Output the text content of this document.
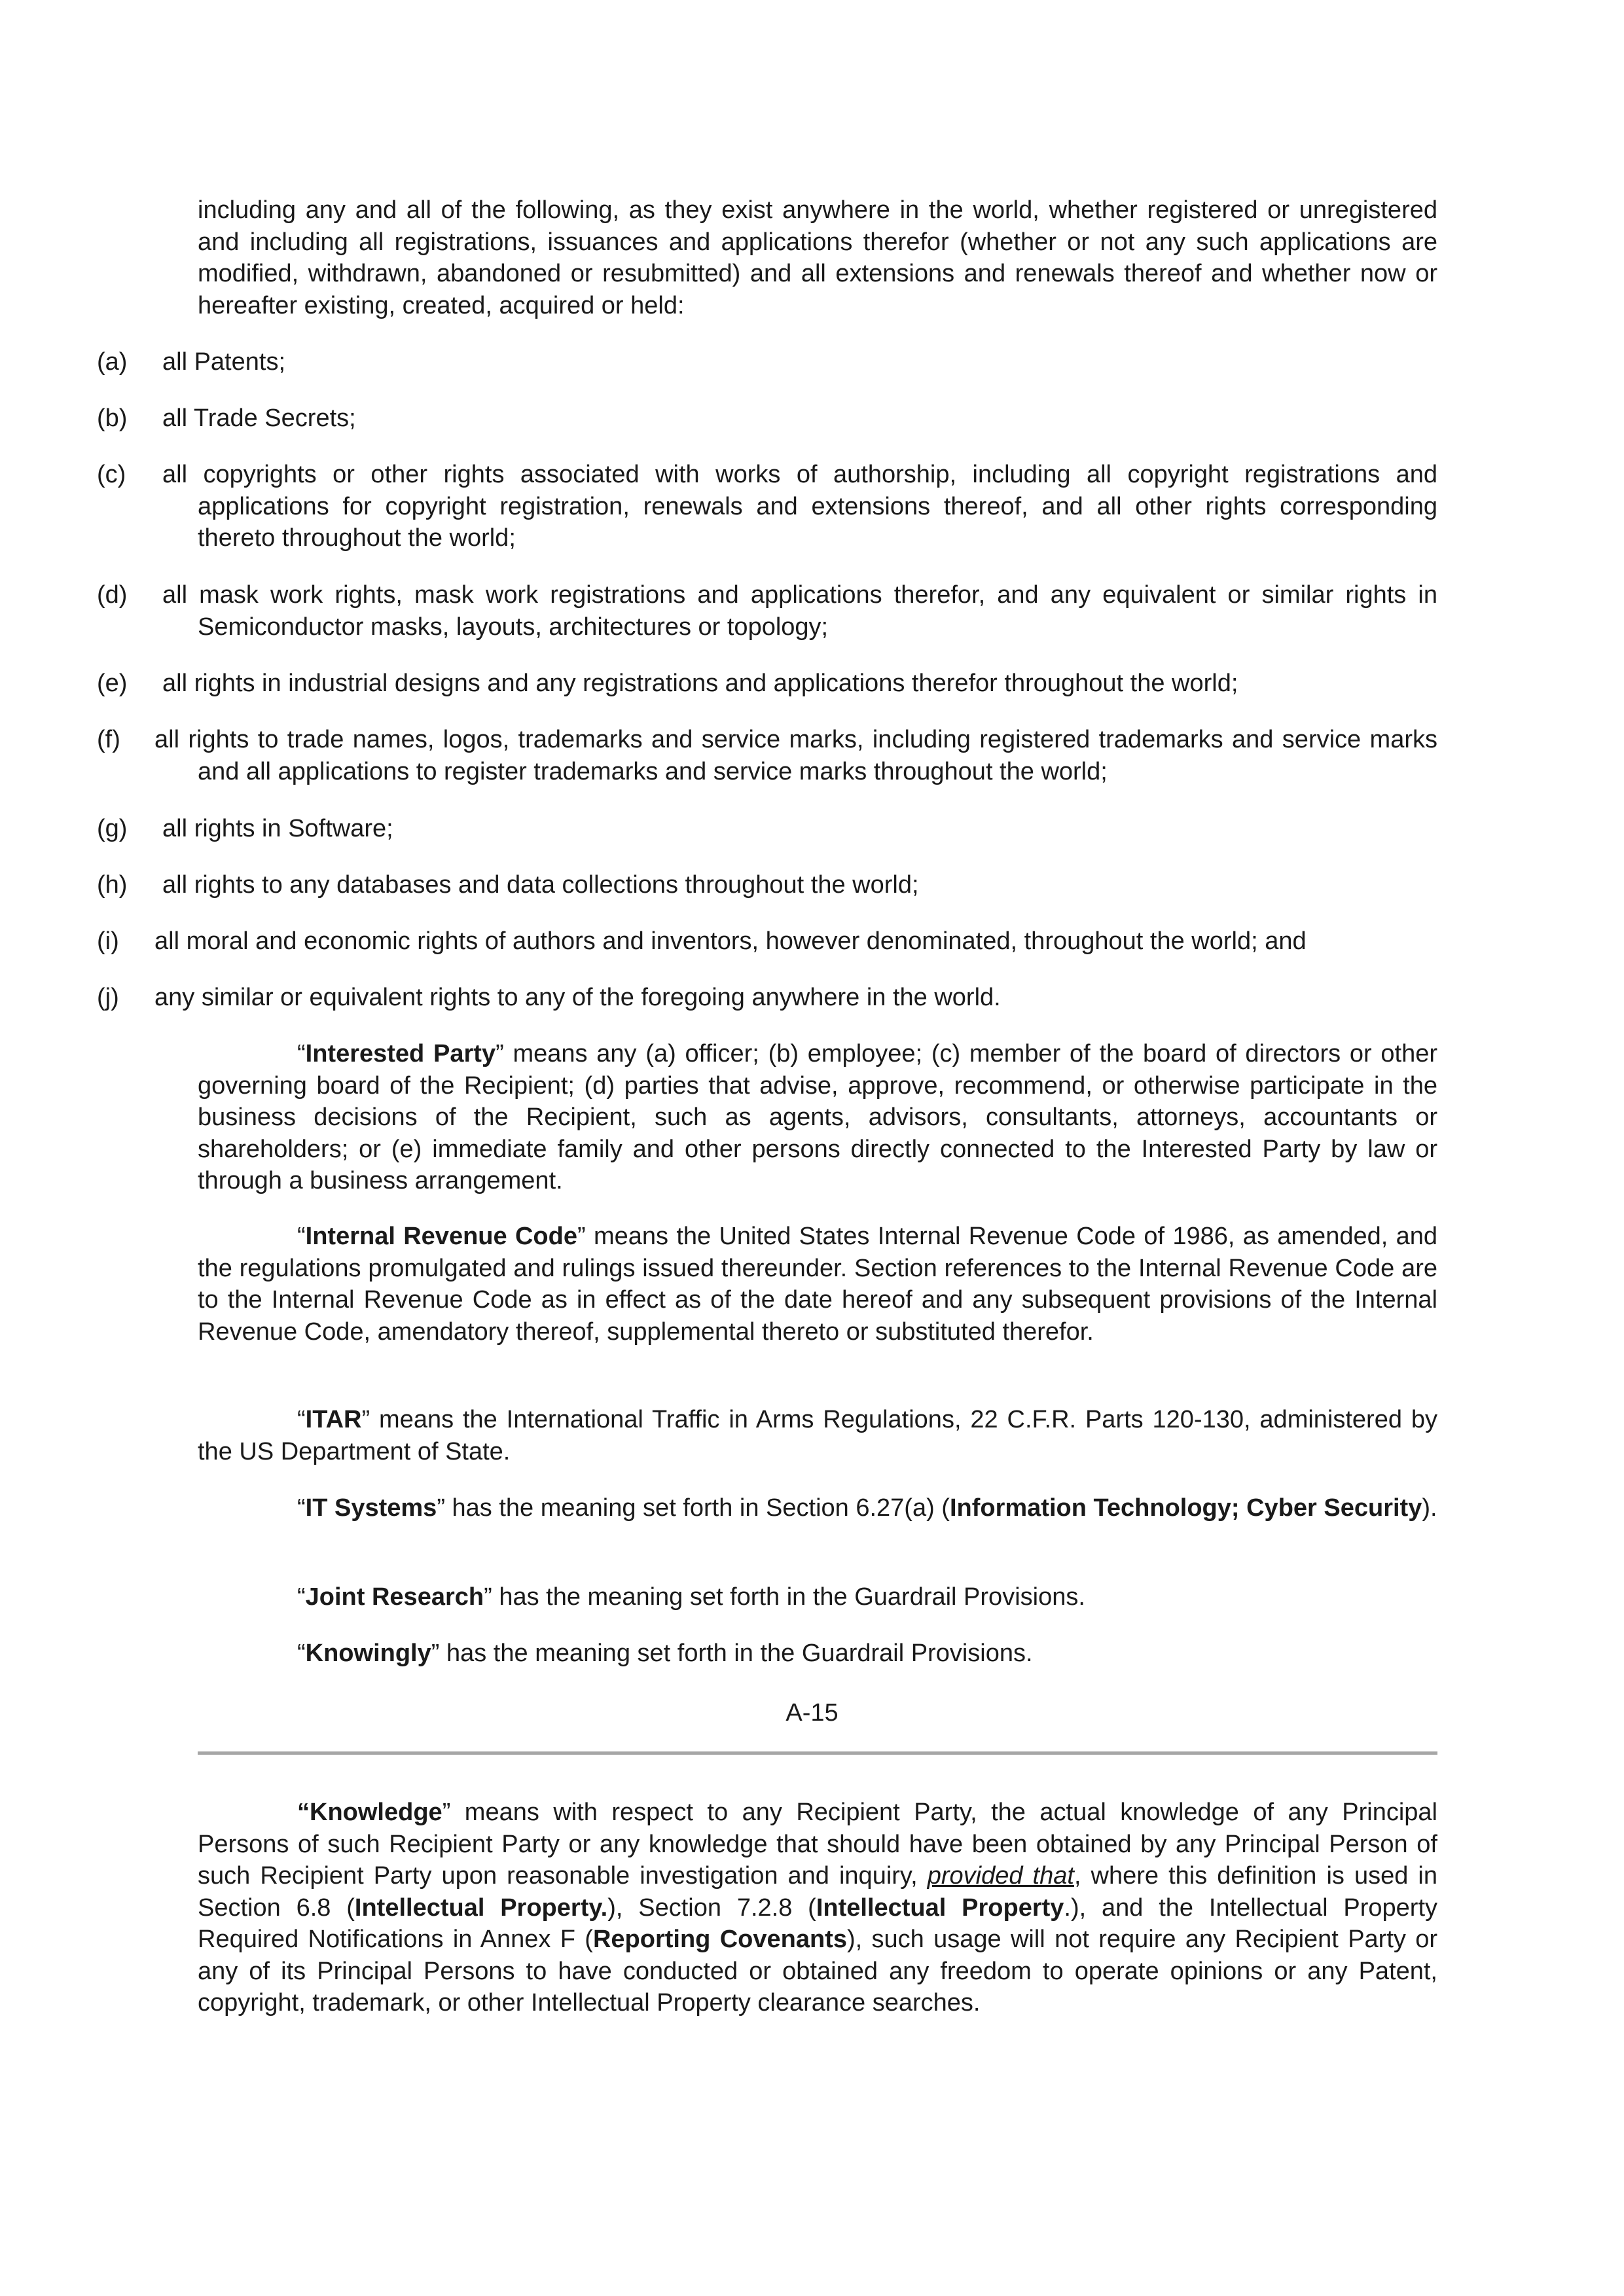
including any and all of the following, as they exist anywhere in the world, whether registered or unregistered and including all registrations, issuances and applications therefor (whether or not any such applications are modified, withdrawn, abandoned or resubmitted) and all extensions and renewals thereof and whether now or hereafter existing, created, acquired or held:

(a)	all Patents;
(b)	all Trade Secrets;
(c)	all copyrights or other rights associated with works of authorship, including all copyright registrations and applications for copyright registration, renewals and extensions thereof, and all other rights corresponding thereto throughout the world;
(d)	all mask work rights, mask work registrations and applications therefor, and any equivalent or similar rights in Semiconductor masks, layouts, architectures or topology;
(e)	all rights in industrial designs and any registrations and applications therefor throughout the world;
(f)	all rights to trade names, logos, trademarks and service marks, including registered trademarks and service marks and all applications to register trademarks and service marks throughout the world;
(g)	all rights in Software;
(h)	all rights to any databases and data collections throughout the world;
(i)	all moral and economic rights of authors and inventors, however denominated, throughout the world; and
(j)	any similar or equivalent rights to any of the foregoing anywhere in the world.

“Interested Party” means any (a) officer; (b) employee; (c) member of the board of directors or other governing board of the Recipient; (d) parties that advise, approve, recommend, or otherwise participate in the business decisions of the Recipient, such as agents, advisors, consultants, attorneys, accountants or shareholders; or (e) immediate family and other persons directly connected to the Interested Party by law or through a business arrangement.

“Internal Revenue Code” means the United States Internal Revenue Code of 1986, as amended, and the regulations promulgated and rulings issued thereunder. Section references to the Internal Revenue Code are to the Internal Revenue Code as in effect as of the date hereof and any subsequent provisions of the Internal Revenue Code, amendatory thereof, supplemental thereto or substituted therefor.

“ITAR” means the International Traffic in Arms Regulations, 22 C.F.R. Parts 120-130, administered by the US Department of State.

“IT Systems” has the meaning set forth in Section 6.27(a) (Information Technology; Cyber Security).

“Joint Research” has the meaning set forth in the Guardrail Provisions.

“Knowingly” has the meaning set forth in the Guardrail Provisions.

A-15

“Knowledge” means with respect to any Recipient Party, the actual knowledge of any Principal Persons of such Recipient Party or any knowledge that should have been obtained by any Principal Person of such Recipient Party upon reasonable investigation and inquiry, provided that, where this definition is used in Section 6.8 (Intellectual Property.), Section 7.2.8 (Intellectual Property.), and the Intellectual Property Required Notifications in Annex F (Reporting Covenants), such usage will not require any Recipient Party or any of its Principal Persons to have conducted or obtained any freedom to operate opinions or any Patent, copyright, trademark, or other Intellectual Property clearance searches.
